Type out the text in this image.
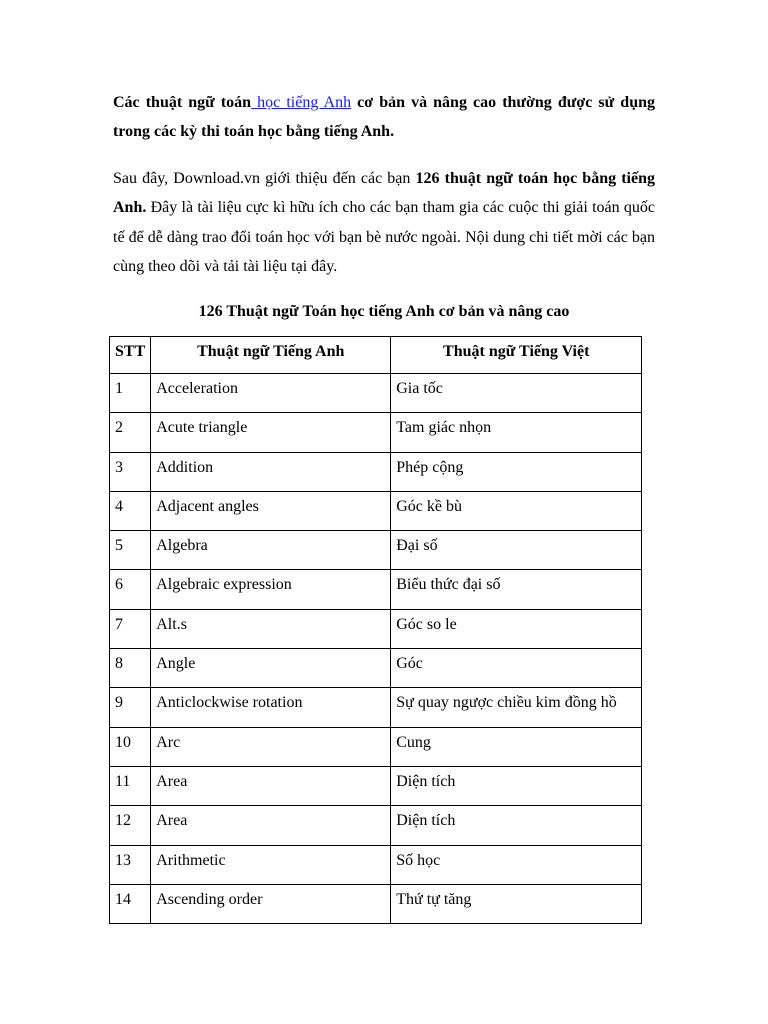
Các thuật ngữ toán học tiếng Anh cơ bản và nâng cao thường được sử dụng trong các kỳ thi toán học bằng tiếng Anh.

Sau đây, Download.vn giới thiệu đến các bạn 126 thuật ngữ toán học bằng tiếng Anh. Đây là tài liệu cực kì hữu ích cho các bạn tham gia các cuộc thi giải toán quốc tế để dễ dàng trao đổi toán học với bạn bè nước ngoài. Nội dung chi tiết mời các bạn cùng theo dõi và tải tài liệu tại đây.

126 Thuật ngữ Toán học tiếng Anh cơ bản và nâng cao

STT	Thuật ngữ Tiếng Anh	Thuật ngữ Tiếng Việt
1	Acceleration	Gia tốc
2	Acute triangle	Tam giác nhọn
3	Addition	Phép cộng
4	Adjacent angles	Góc kề bù
5	Algebra	Đại số
6	Algebraic expression	Biểu thức đại số
7	Alt.s	Góc so le
8	Angle	Góc
9	Anticlockwise rotation	Sự quay ngược chiều kim đồng hồ
10	Arc	Cung
11	Area	Diện tích
12	Area	Diện tích
13	Arithmetic	Số học
14	Ascending order	Thứ tự tăng
